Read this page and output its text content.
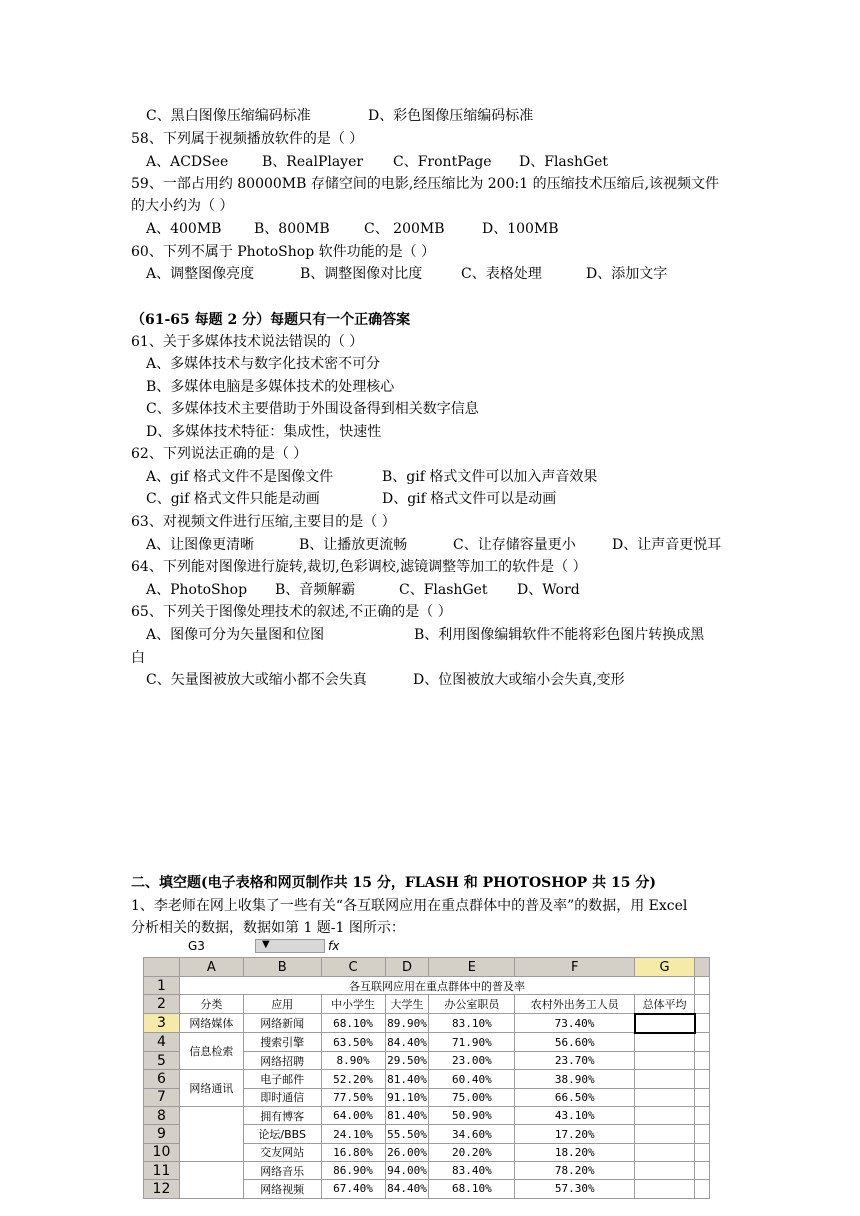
C、黑白图像压缩编码标准	D、彩色图像压缩编码标准
58、下列属于视频播放软件的是（ ）
A、ACDSee B、RealPlayer C、FrontPage D、FlashGet
59、一部占用约 80000MB 存储空间的电影,经压缩比为 200:1 的压缩技术压缩后,该视频文件
的大小约为（ ）
A、400MB B、800MB C、 200MB	D、100MB
60、下列不属于 PhotoShop 软件功能的是（ ）
A、调整图像亮度	B、调整图像对比度	C、表格处理	D、添加文字
（61-65 每题 2 分）每题只有一个正确答案
61、关于多媒体技术说法错误的（ ）
A、多媒体技术与数字化技术密不可分
B、多媒体电脑是多媒体技术的处理核心
C、多媒体技术主要借助于外围设备得到相关数字信息
D、多媒体技术特征：集成性，快速性
62、下列说法正确的是（ ）
A、gif 格式文件不是图像文件	B、gif 格式文件可以加入声音效果
C、gif 格式文件只能是动画	D、gif 格式文件可以是动画
63、对视频文件进行压缩,主要目的是（ ）
A、让图像更清晰	B、让播放更流畅	C、让存储容量更小	D、让声音更悦耳
64、下列能对图像进行旋转,裁切,色彩调校,滤镜调整等加工的软件是（ ）
A、PhotoShop B、音频解霸	C、FlashGet D、Word
65、下列关于图像处理技术的叙述,不正确的是（ ）
A、图像可分为矢量图和位图	B、利用图像编辑软件不能将彩色图片转换成黑
白
C、矢量图被放大或缩小都不会失真	D、位图被放大或缩小会失真,变形
二、填空题(电子表格和网页制作共 15 分，FLASH 和 PHOTOSHOP 共 15 分)
1、李老师在网上收集了一些有关“各互联网应用在重点群体中的普及率”的数据，用 Excel
分析相关的数据，数据如第 1 题-1 图所示：
G3	▼	fx
	A	B	C	D	E	F	G	
1	各互联网应用在重点群体中的普及率							
2	分类	应用	中小学生	大学生	办公室职员	农村外出务工人员	总体平均	
3	网络媒体	网络新闻	68.10%	89.90%	83.10%	73.40%		
4	信息检索	搜索引擎	63.50%	84.40%	71.90%	56.60%		
5		网络招聘	8.90%	29.50%	23.00%	23.70%		
6	网络通讯	电子邮件	52.20%	81.40%	60.40%	38.90%		
7		即时通信	77.50%	91.10%	75.00%	66.50%		
8		拥有博客	64.00%	81.40%	50.90%	43.10%		
9		论坛/BBS	24.10%	55.50%	34.60%	17.20%		
10		交友网站	16.80%	26.00%	20.20%	18.20%		
11		网络音乐	86.90%	94.00%	83.40%	78.20%		
12		网络视频	67.40%	84.40%	68.10%	57.30%		
